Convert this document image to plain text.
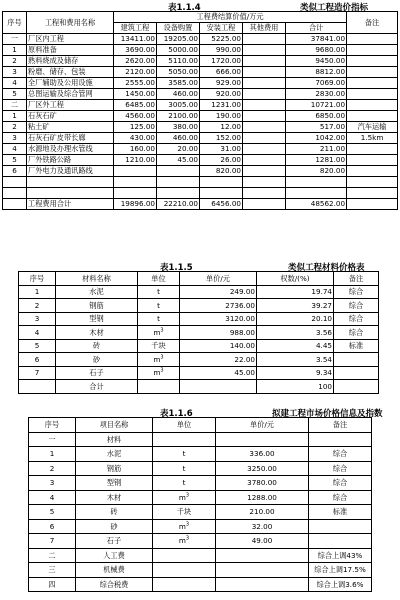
表1.1.4	类似工程造价指标
序号	工程和费用名称	工程费结算价值/万元					备注
		建筑工程	设备购置	安装工程	其他费用	合计	
一	厂区内工程	13411.00	19205.00	5225.00		37841.00	
1	原料准备	3690.00	5000.00	990.00		9680.00	
2	熟料烧成及储存	2620.00	5110.00	1720.00		9450.00	
3	粉磨、储存、包装	2120.00	5050.00	666.00		8812.00	
4	全厂辅助及公用设施	2555.00	3585.00	929.00		7069.00	
5	总图运输及综合管网	1450.00	460.00	920.00		2830.00	
二	厂区外工程	6485.00	3005.00	1231.00		10721.00	
1	石灰石矿	4560.00	2100.00	190.00		6850.00	
2	粘土矿	125.00	380.00	12.00		517.00	汽车运输
3	石灰石矿皮带长廊	430.00	460.00	152.00		1042.00	1.5km
4	水源地及办理水管线	160.00	20.00	31.00		211.00	
5	厂外铁路公路	1210.00	45.00	26.00		1281.00	
6	厂外电力及通讯路线			820.00		820.00	

	工程费用合计	19896.00	22210.00	6456.00		48562.00	
表1.1.5	类似工程材料价格表
序号	材料名称	单位	单价/元	权数/(%)	备注
1	水泥	t	249.00	19.74	综合
2	钢筋	t	2736.00	39.27	综合
3	型钢	t	3120.00	20.10	综合
4	木材	$m^3$	988.00	3.56	综合
5	砖	千块	140.00	4.45	标准
6	砂	$m^3$	22.00	3.54	
7	石子	$m^3$	45.00	9.34	
	合计			100	
表1.1.6	拟建工程市场价格信息及指数
序号	项目名称	单位	单价/元	备注
一	材料			
1	水泥	t	336.00	综合
2	钢筋	t	3250.00	综合
3	型钢	t	3780.00	综合
4	木材	$m^3$	1288.00	综合
5	砖	千块	210.00	标准
6	砂	$m^3$	32.00	
7	石子	$m^3$	49.00	
二	人工费			综合上调43%
三	机械费			综合上调17.5%
四	综合税费			综合上调3.6%
